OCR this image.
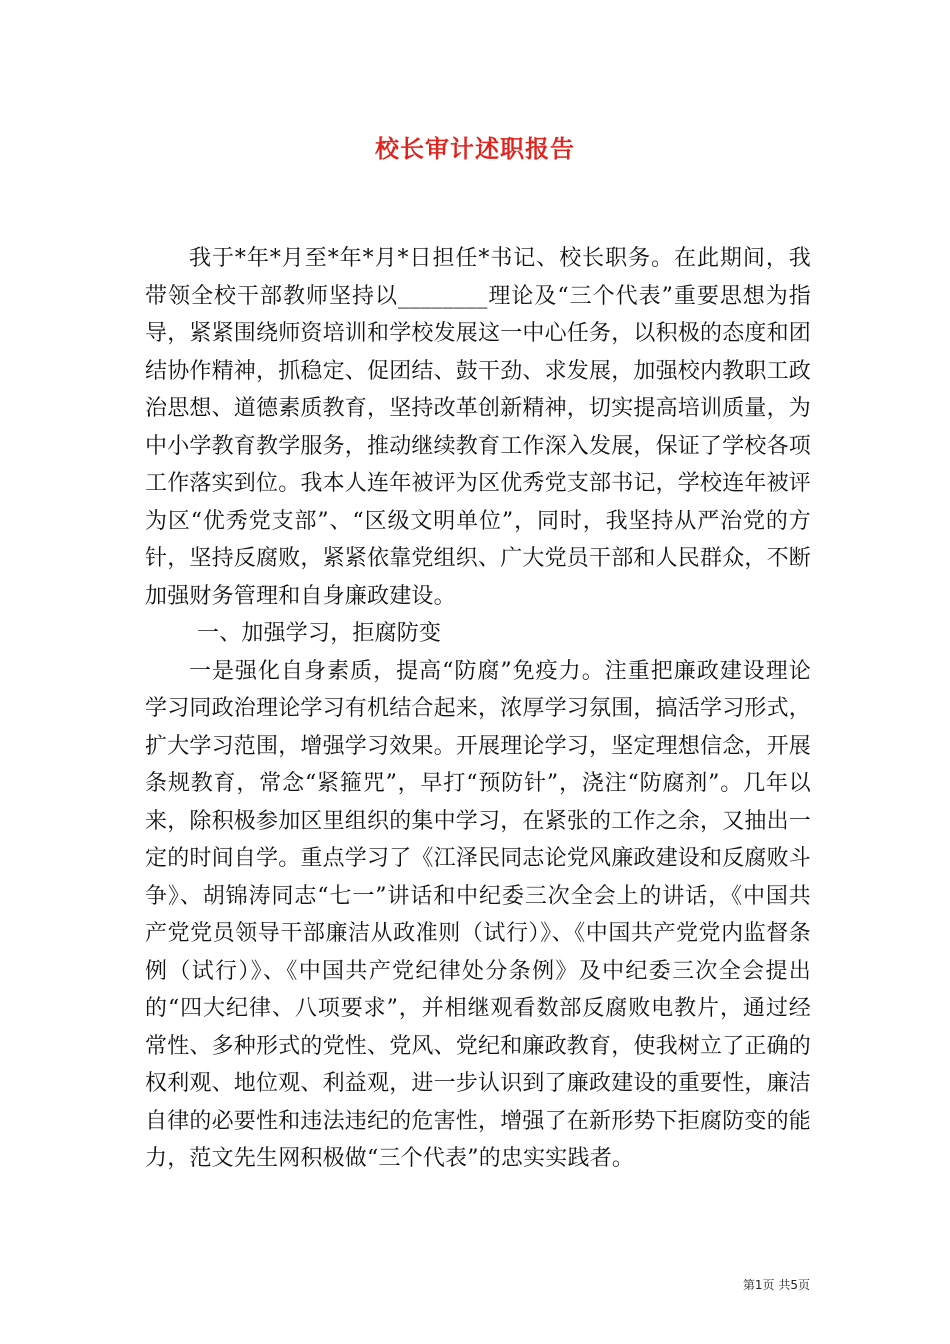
校长审计述职报告

我于*年*月至*年*月*日担任*书记、校长职务。在此期间，我带领全校干部教师坚持以________理论及“三个代表”重要思想为指导，紧紧围绕师资培训和学校发展这一中心任务，以积极的态度和团结协作精神，抓稳定、促团结、鼓干劲、求发展，加强校内教职工政治思想、道德素质教育，坚持改革创新精神，切实提高培训质量，为中小学教育教学服务，推动继续教育工作深入发展，保证了学校各项工作落实到位。我本人连年被评为区优秀党支部书记，学校连年被评为区“优秀党支部”、“区级文明单位”，同时，我坚持从严治党的方针，坚持反腐败，紧紧依靠党组织、广大党员干部和人民群众，不断加强财务管理和自身廉政建设。

一、加强学习，拒腐防变

一是强化自身素质，提高“防腐”免疫力。注重把廉政建设理论学习同政治理论学习有机结合起来，浓厚学习氛围，搞活学习形式，扩大学习范围，增强学习效果。开展理论学习，坚定理想信念，开展条规教育，常念“紧箍咒”，早打“预防针”，浇注“防腐剂”。几年以来，除积极参加区里组织的集中学习，在紧张的工作之余，又抽出一定的时间自学。重点学习了《江泽民同志论党风廉政建设和反腐败斗争》、胡锦涛同志“七一”讲话和中纪委三次全会上的讲话，《中国共产党党员领导干部廉洁从政准则（试行）》、《中国共产党党内监督条例（试行）》、《中国共产党纪律处分条例》及中纪委三次全会提出的“四大纪律、八项要求”，并相继观看数部反腐败电教片，通过经常性、多种形式的党性、党风、党纪和廉政教育，使我树立了正确的权利观、地位观、利益观，进一步认识到了廉政建设的重要性，廉洁自律的必要性和违法违纪的危害性，增强了在新形势下拒腐防变的能力，范文先生网积极做“三个代表”的忠实实践者。

第1页 共5页
